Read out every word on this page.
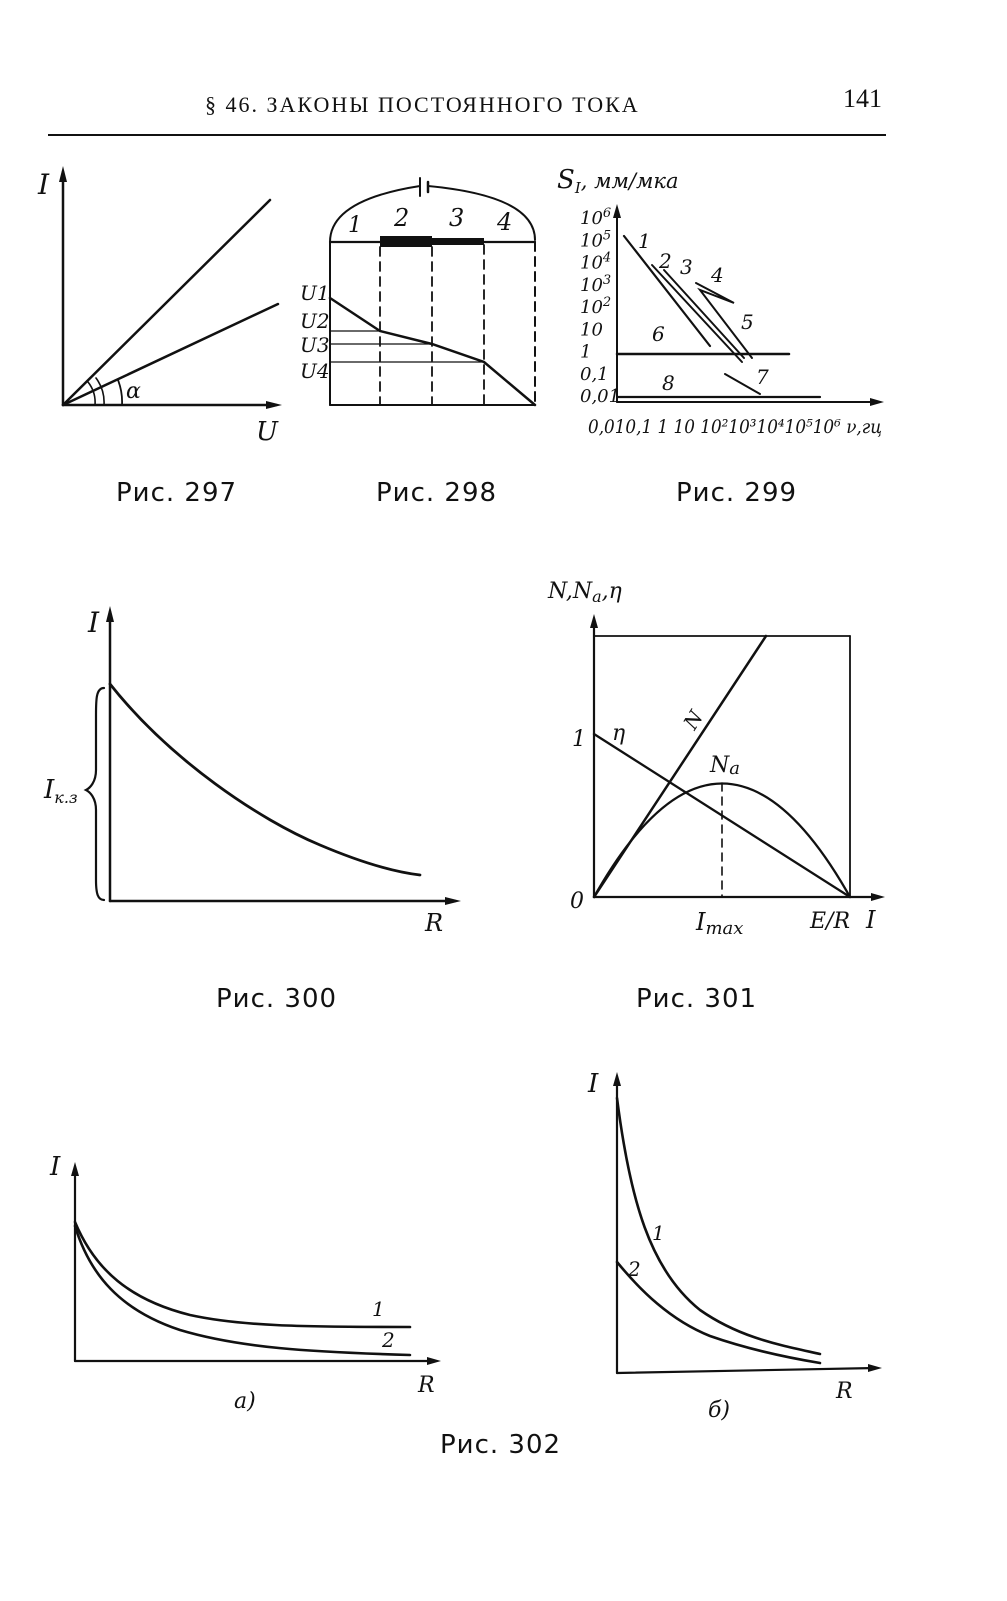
§ 46. ЗАКОНЫ ПОСТОЯННОГО ТОКА	141
I
U
α
Рис. 297
1 2 3 4
U1
U2
U3
U4
Рис. 298
SI, мм/мка
$10^6$
$10^5$
$10^4$
$10^3$
$10^2$
10
1
0,1
0,01
0,010,1 1 10 10²10³10⁴10⁵10⁶ ν,гц
1
2 3 4
5
6
7
8
Рис. 299
I
R
Iк.з
Рис. 300
N,Na,η
1
0
N
η
Na
Imax	E/R I
Рис. 301
I
R
1
2
a)
I
R
1
2
б)
Рис. 302
